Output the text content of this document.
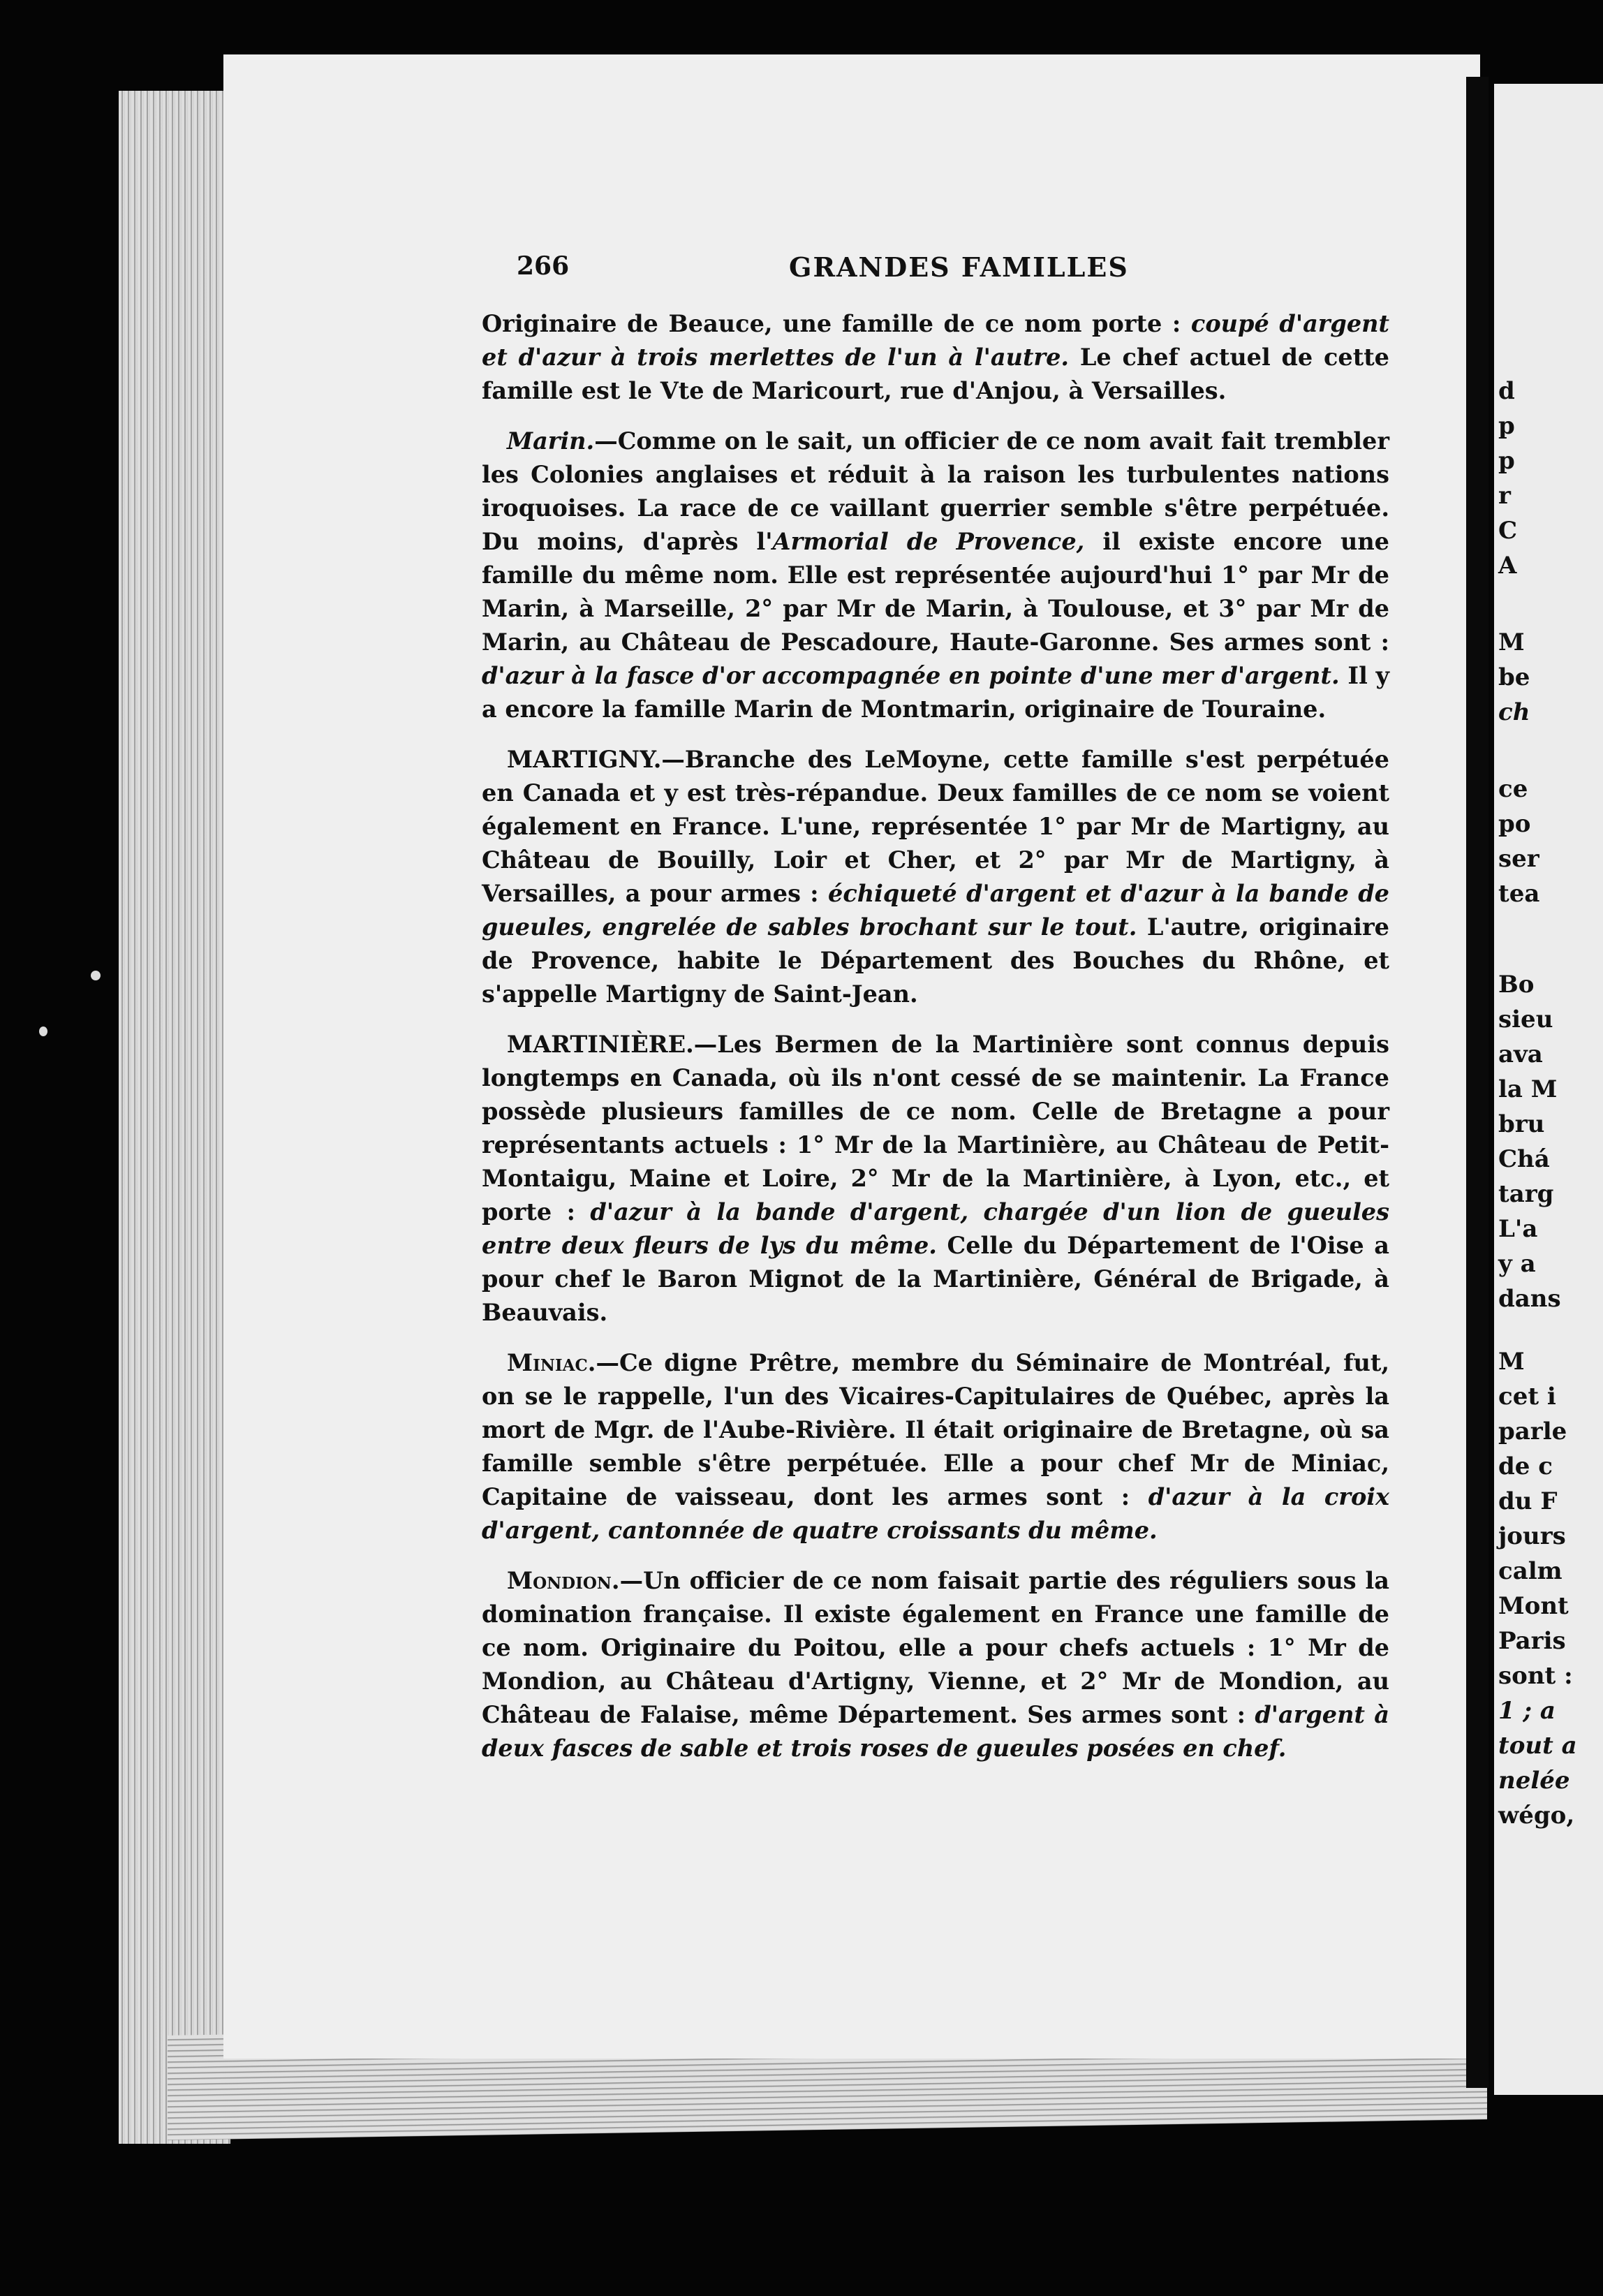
d
p
p
r
C
A
M
be
ch
ce
po
ser
tea
Bo
sieu
ava
la M
bru
Chá
targ
L'a
y a
dans
M
cet i
parle
de c
du F
jours
calm
Mont
Paris
sont :
1 ; a
tout a
nelée
wégo,
266	GRANDES FAMILLES

Originaire de Beauce, une famille de ce nom porte : coupé d'argent et d'azur à trois merlettes de l'un à l'autre. Le chef actuel de cette famille est le Vte de Maricourt, rue d'Anjou, à Versailles.

Marin.—Comme on le sait, un officier de ce nom avait fait trembler les Colonies anglaises et réduit à la raison les turbulentes nations iroquoises. La race de ce vaillant guerrier semble s'être perpétuée. Du moins, d'après l'Armorial de Provence, il existe encore une famille du même nom. Elle est représentée aujourd'hui 1° par Mr de Marin, à Marseille, 2° par Mr de Marin, à Toulouse, et 3° par Mr de Marin, au Château de Pescadoure, Haute-Garonne. Ses armes sont : d'azur à la fasce d'or accompagnée en pointe d'une mer d'argent. Il y a encore la famille Marin de Montmarin, originaire de Touraine.

MARTIGNY.—Branche des LeMoyne, cette famille s'est perpétuée en Canada et y est très-répandue. Deux familles de ce nom se voient également en France. L'une, représentée 1° par Mr de Martigny, au Château de Bouilly, Loir et Cher, et 2° par Mr de Martigny, à Versailles, a pour armes : échiqueté d'argent et d'azur à la bande de gueules, engrelée de sables brochant sur le tout. L'autre, originaire de Provence, habite le Département des Bouches du Rhône, et s'appelle Martigny de Saint-Jean.

MARTINIÈRE.—Les Bermen de la Martinière sont connus depuis longtemps en Canada, où ils n'ont cessé de se maintenir. La France possède plusieurs familles de ce nom. Celle de Bretagne a pour représentants actuels : 1° Mr de la Martinière, au Château de Petit-Montaigu, Maine et Loire, 2° Mr de la Martinière, à Lyon, etc., et porte : d'azur à la bande d'argent, chargée d'un lion de gueules entre deux fleurs de lys du même. Celle du Département de l'Oise a pour chef le Baron Mignot de la Martinière, Général de Brigade, à Beauvais.

Miniac.—Ce digne Prêtre, membre du Séminaire de Montréal, fut, on se le rappelle, l'un des Vicaires-Capitulaires de Québec, après la mort de Mgr. de l'Aube-Rivière. Il était originaire de Bretagne, où sa famille semble s'être perpétuée. Elle a pour chef Mr de Miniac, Capitaine de vaisseau, dont les armes sont : d'azur à la croix d'argent, cantonnée de quatre croissants du même.

Mondion.—Un officier de ce nom faisait partie des réguliers sous la domination française. Il existe également en France une famille de ce nom. Originaire du Poitou, elle a pour chefs actuels : 1° Mr de Mondion, au Château d'Artigny, Vienne, et 2° Mr de Mondion, au Château de Falaise, même Département. Ses armes sont : d'argent à deux fasces de sable et trois roses de gueules posées en chef.
